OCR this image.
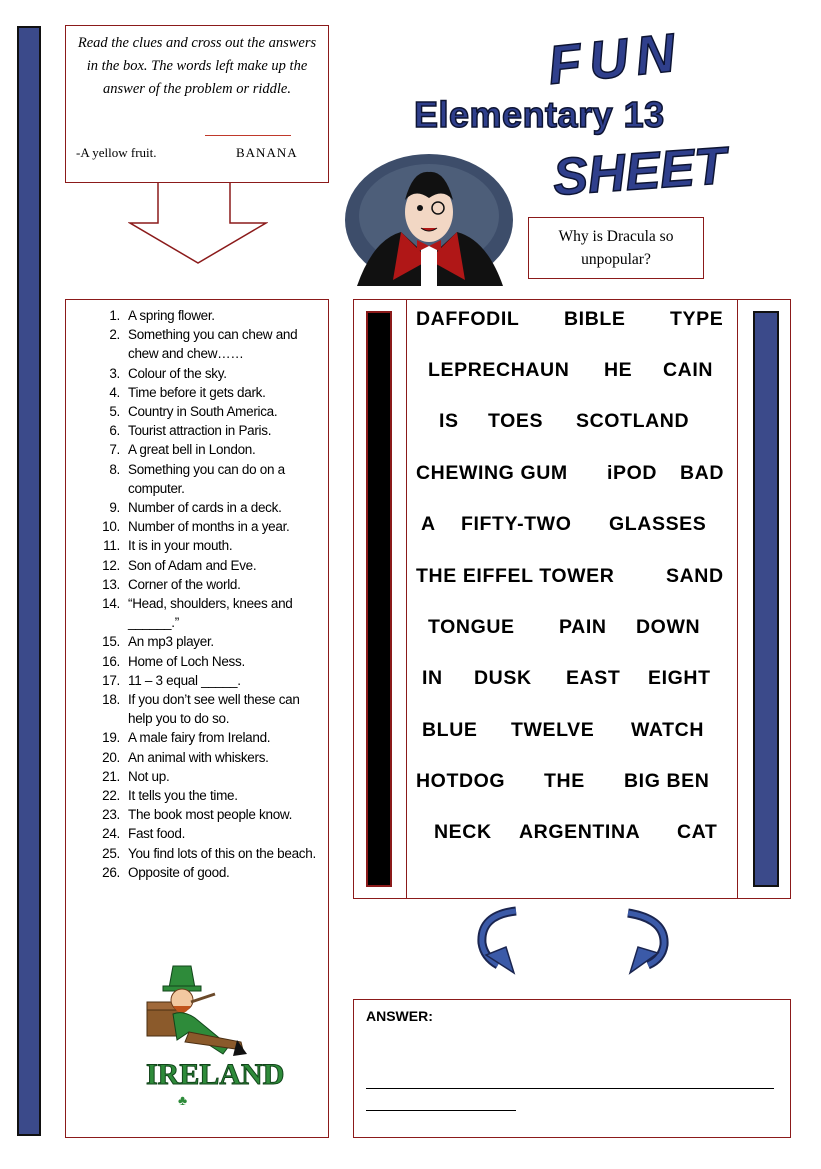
Read the clues and cross out the answers in the box. The words left make up the answer of the problem or riddle.
-A yellow fruit.	BANANA
FUN
Elementary 13
SHEET
Why is Dracula so unpopular?
1. A spring flower.
2. Something you can chew and chew and chew……
3. Colour of the sky.
4. Time before it gets dark.
5. Country in South America.
6. Tourist attraction in Paris.
7. A great bell in London.
8. Something you can do on a computer.
9. Number of cards in a deck.
10. Number of months in a year.
11. It is in your mouth.
12. Son of Adam and Eve.
13. Corner of the world.
14. “Head, shoulders, knees and ______.”
15. An mp3 player.
16. Home of Loch Ness.
17. 11 – 3 equal _____.
18. If you don’t see well these can help you to do so.
19. A male fairy from Ireland.
20. An animal with whiskers.
21. Not up.
22. It tells you the time.
23. The book most people know.
24. Fast food.
25. You find lots of this on the beach.
26. Opposite of good.
IRELAND
♣
DAFFODIL BIBLE TYPE
LEPRECHAUN HE CAIN
IS TOES SCOTLAND
CHEWING GUM iPOD BAD
A FIFTY-TWO GLASSES
THE EIFFEL TOWER	SAND
TONGUE PAIN DOWN
IN DUSK EAST EIGHT
BLUE TWELVE WATCH
HOTDOG THE BIG BEN
NECK ARGENTINA CAT
ANSWER:
